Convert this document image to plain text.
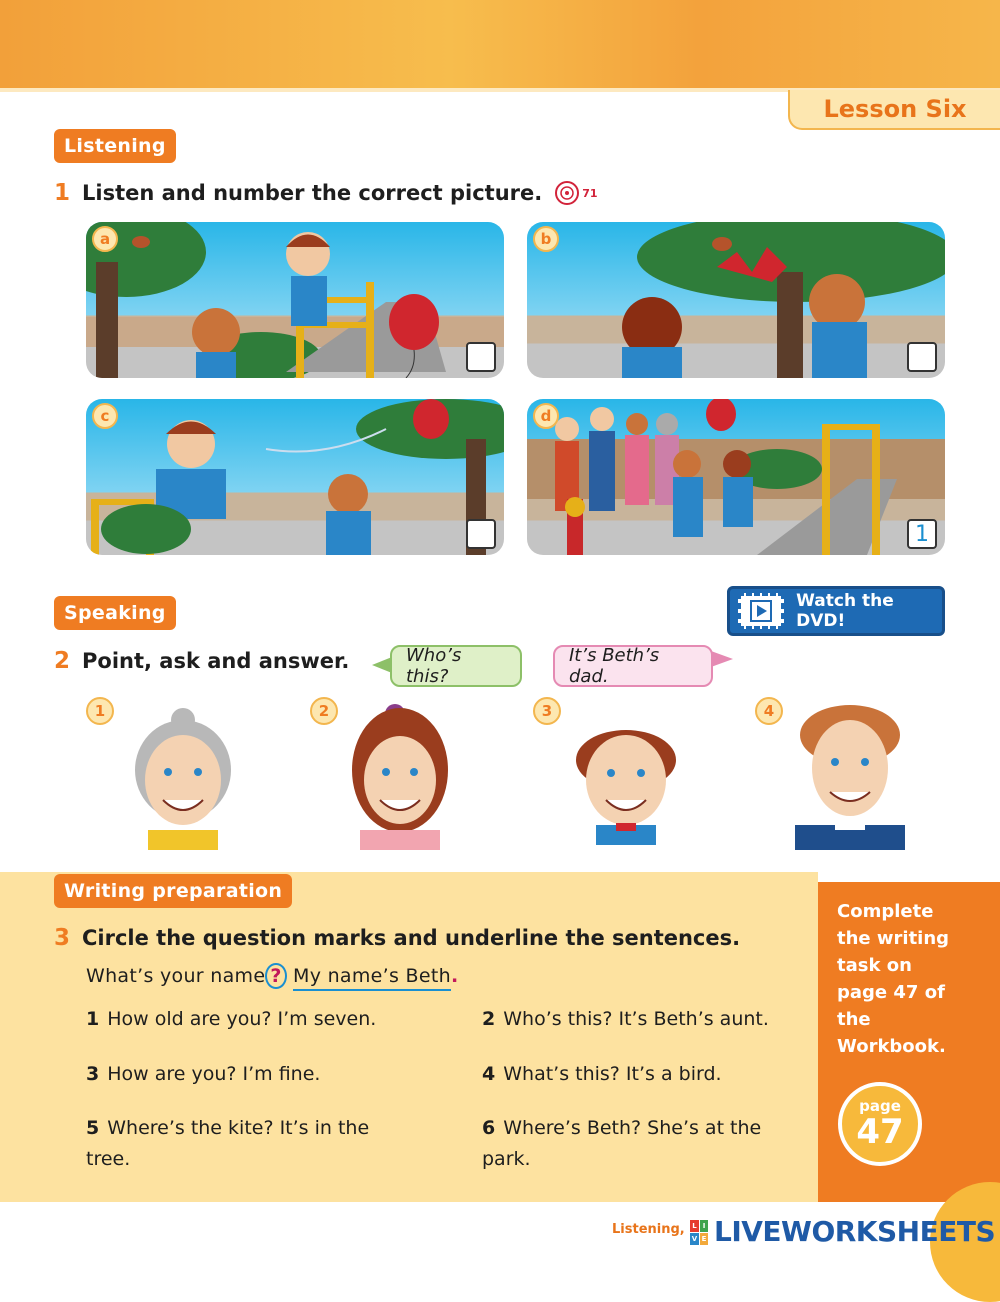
Lesson Six
Listening
1 Listen and number the correct picture.	71
a	b
c	d
1
Speaking
Watch the DVD!
2 Point, ask and answer.	Who’s this?
It’s Beth’s dad.
1	2	3	4
Writing preparation
3 Circle the question marks and underline the sentences.
What’s your name ? My name’s Beth.
1 How old are you? I’m seven.	2 Who’s this? It’s Beth’s aunt.
3 How are you? I’m fine.	4 What’s this? It’s a bird.
5 Where’s the kite? It’s in the tree.
6 Where’s Beth? She’s at the park.
Complete the writing task on page 47 of the Workbook.
page
47
Listening,	L I
V E LIVEWORKSHEETS
